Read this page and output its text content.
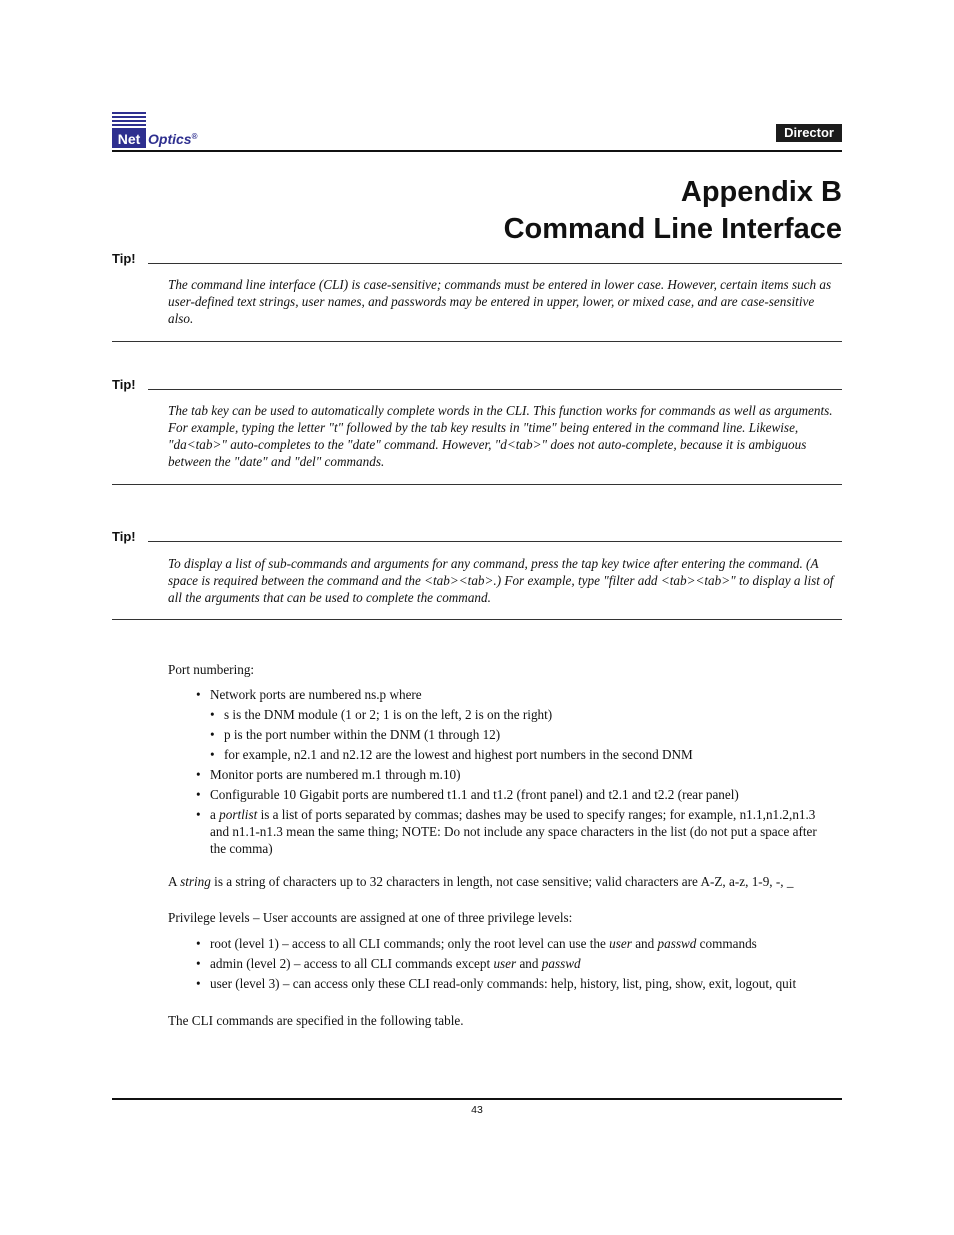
Net Optics®	Director
Appendix B
Command Line Interface
Tip!
The command line interface (CLI) is case-sensitive; commands must be entered in lower case. However, certain items such as user-defined text strings, user names, and passwords may be entered in upper, lower, or mixed case, and are case-sensitive also.
Tip!
The tab key can be used to automatically complete words in the CLI. This function works for commands as well as arguments. For example, typing the letter "t" followed by the tab key results in "time" being entered in the command line. Likewise, "da<tab>" auto-completes to the "date" command. However, "d<tab>" does not auto-complete, because it is ambiguous between the "date" and "del" commands.
Tip!
To display a list of sub-commands and arguments for any command, press the tap key twice after entering the command. (A space is required between the command and the <tab><tab>.) For example, type "filter add <tab><tab>" to display a list of all the arguments that can be used to complete the command.
Port numbering:
• Network ports are numbered ns.p where
• s is the DNM module (1 or 2; 1 is on the left, 2 is on the right)
• p is the port number within the DNM (1 through 12)
• for example, n2.1 and n2.12 are the lowest and highest port numbers in the second DNM
• Monitor ports are numbered m.1 through m.10)
• Configurable 10 Gigabit ports are numbered t1.1 and t1.2 (front panel) and t2.1 and t2.2 (rear panel)
• a portlist is a list of ports separated by commas; dashes may be used to specify ranges; for example, n1.1,n1.2,n1.3 and n1.1-n1.3 mean the same thing; NOTE: Do not include any space characters in the list (do not put a space after the comma)
A string is a string of characters up to 32 characters in length, not case sensitive; valid characters are A-Z, a-z, 1-9, -, _
Privilege levels – User accounts are assigned at one of three privilege levels:
• root (level 1) – access to all CLI commands; only the root level can use the user and passwd commands
• admin (level 2) – access to all CLI commands except user and passwd
• user (level 3) – can access only these CLI read-only commands: help, history, list, ping, show, exit, logout, quit
The CLI commands are specified in the following table.
43
